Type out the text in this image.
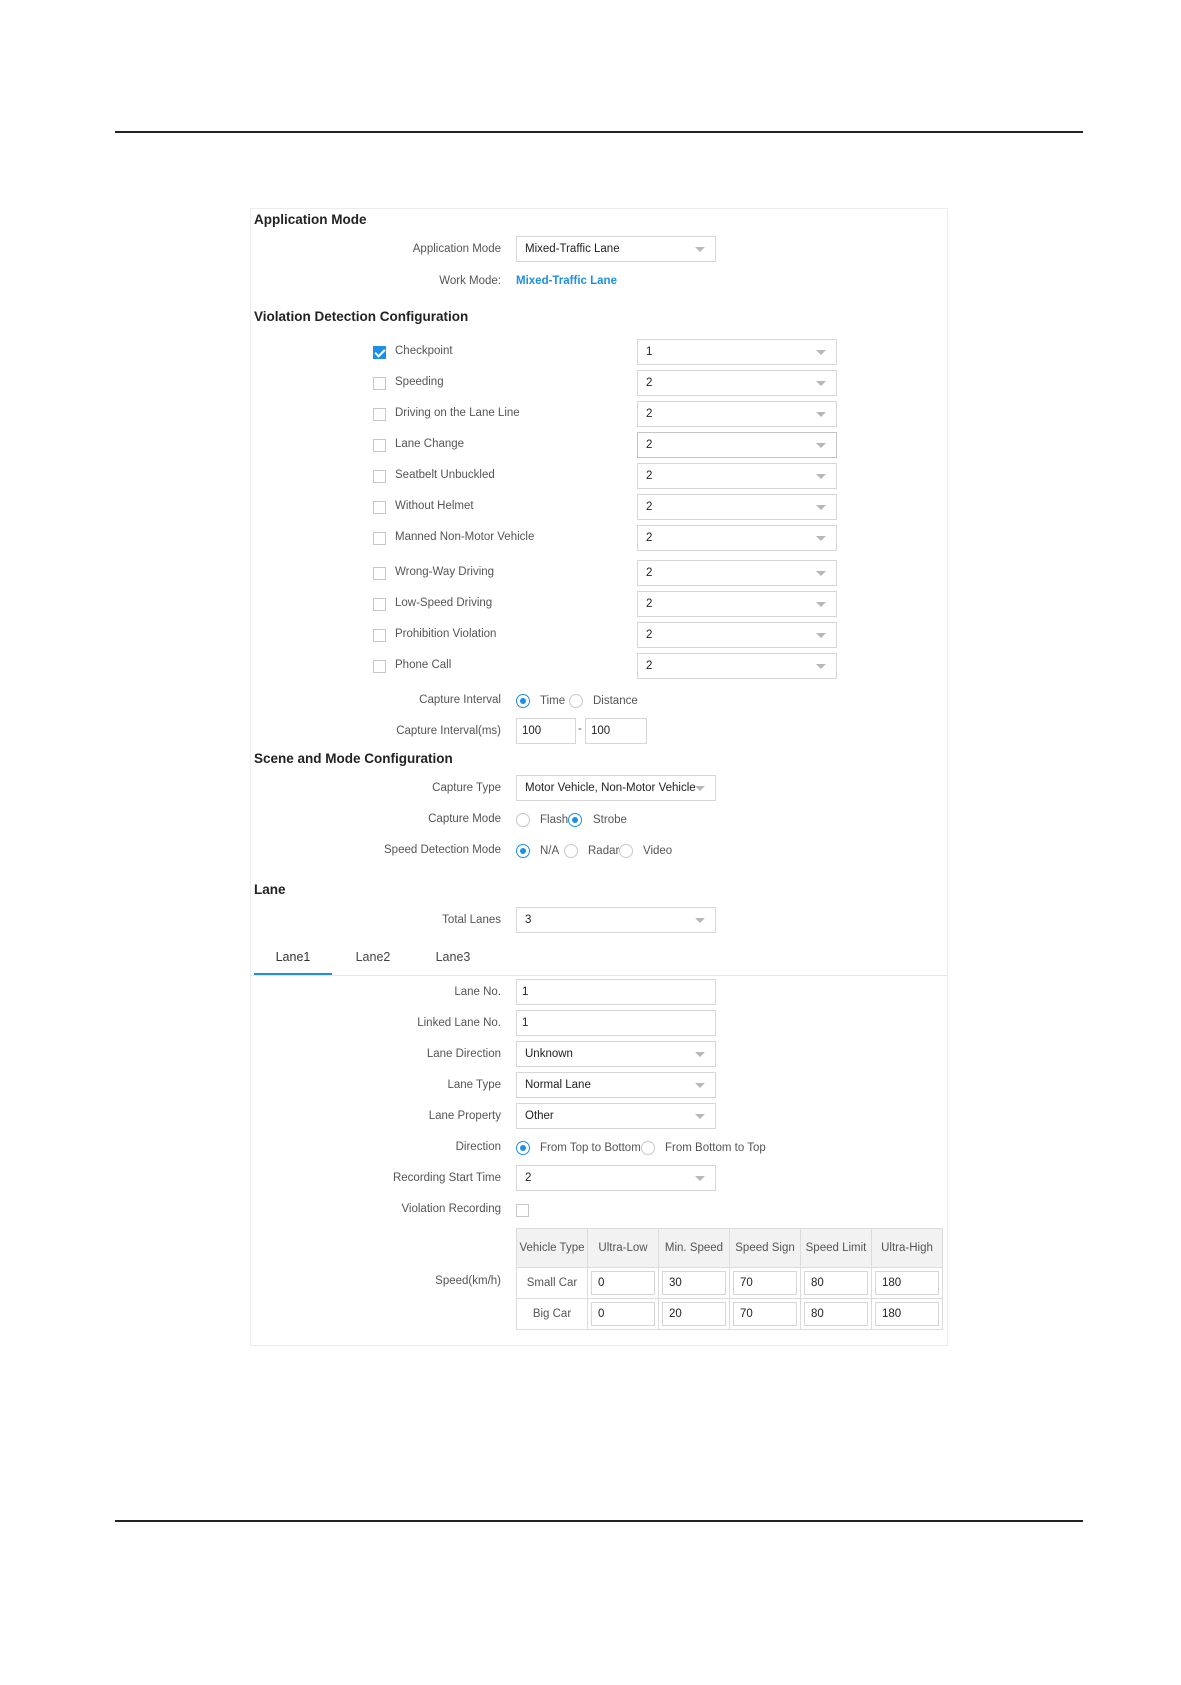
Application Mode
Application Mode	Mixed-Traffic Lane
Work Mode: Mixed-Traffic Lane
Violation Detection Configuration
Checkpoint	1
Speeding	2
Driving on the Lane Line	2
Lane Change	2
Seatbelt Unbuckled	2
Without Helmet	2
Manned Non-Motor Vehicle	2
Wrong-Way Driving	2
Low-Speed Driving	2
Prohibition Violation	2
Phone Call	2
Capture Interval	Time Distance
Capture Interval(ms)	100	- 100
Scene and Mode Configuration
Capture Type	Motor Vehicle, Non-Motor Vehicle
Capture Mode	Flash Strobe
Speed Detection Mode	N/A	Radar Video
Lane
Total Lanes	3
Lane1	Lane2	Lane3
Lane No.	1
Linked Lane No.	1
Lane Direction	Unknown
Lane Type	Normal Lane
Lane Property	Other
Direction	From Top to Bottom From Bottom to Top
Recording Start Time	2
Violation Recording
Speed(km/h)
Vehicle Type	Ultra-Low	Min. Speed	Speed Sign	Speed Limit	Ultra-High
Small Car	0	30	70	80	180

Big Car	0	20	70	80	180
